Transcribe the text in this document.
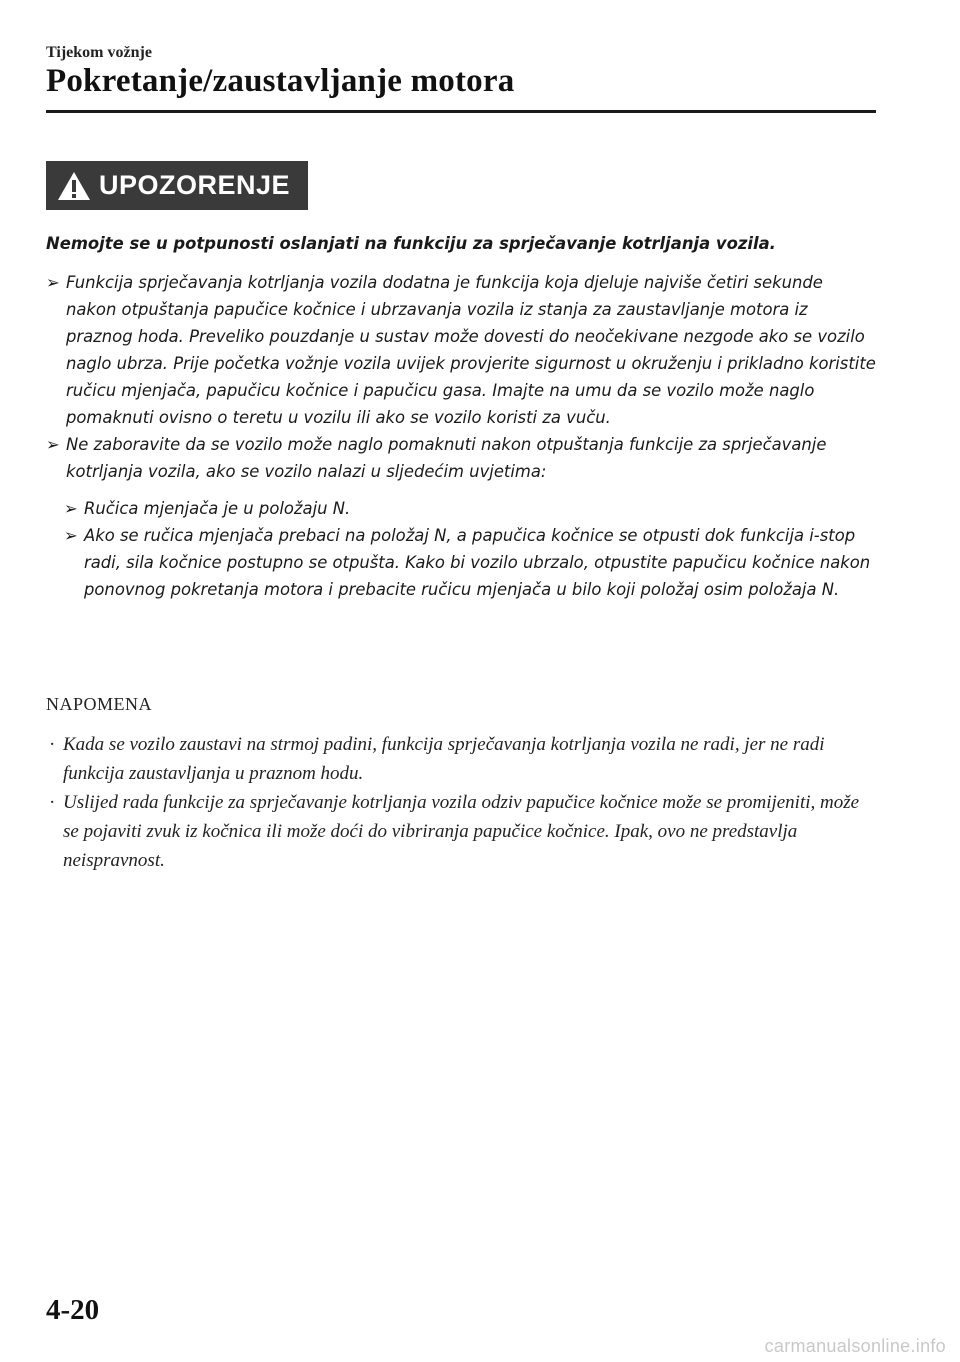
Tijekom vožnje
Pokretanje/zaustavljanje motora
UPOZORENJE

Nemojte se u potpunosti oslanjati na funkciju za sprječavanje kotrljanja vozila.

➢ Funkcija sprječavanja kotrljanja vozila dodatna je funkcija koja djeluje najviše četiri sekunde nakon otpuštanja papučice kočnice i ubrzavanja vozila iz stanja za zaustavljanje motora iz praznog hoda. Preveliko pouzdanje u sustav može dovesti do neočekivane nezgode ako se vozilo naglo ubrza. Prije početka vožnje vozila uvijek provjerite sigurnost u okruženju i prikladno koristite ručicu mjenjača, papučicu kočnice i papučicu gasa. Imajte na umu da se vozilo može naglo pomaknuti ovisno o teretu u vozilu ili ako se vozilo koristi za vuču.

➢ Ne zaboravite da se vozilo može naglo pomaknuti nakon otpuštanja funkcije za sprječavanje kotrljanja vozila, ako se vozilo nalazi u sljedećim uvjetima:

➢ Ručica mjenjača je u položaju N.

➢ Ako se ručica mjenjača prebaci na položaj N, a papučica kočnice se otpusti dok funkcija i-stop radi, sila kočnice postupno se otpušta. Kako bi vozilo ubrzalo, otpustite papučicu kočnice nakon ponovnog pokretanja motora i prebacite ručicu mjenjača u bilo koji položaj osim položaja N.

NAPOMENA

· Kada se vozilo zaustavi na strmoj padini, funkcija sprječavanja kotrljanja vozila ne radi, jer ne radi funkcija zaustavljanja u praznom hodu.

· Uslijed rada funkcije za sprječavanje kotrljanja vozila odziv papučice kočnice može se promijeniti, može se pojaviti zvuk iz kočnica ili može doći do vibriranja papučice kočnice. Ipak, ovo ne predstavlja neispravnost.

4-20
carmanualsonline.info
